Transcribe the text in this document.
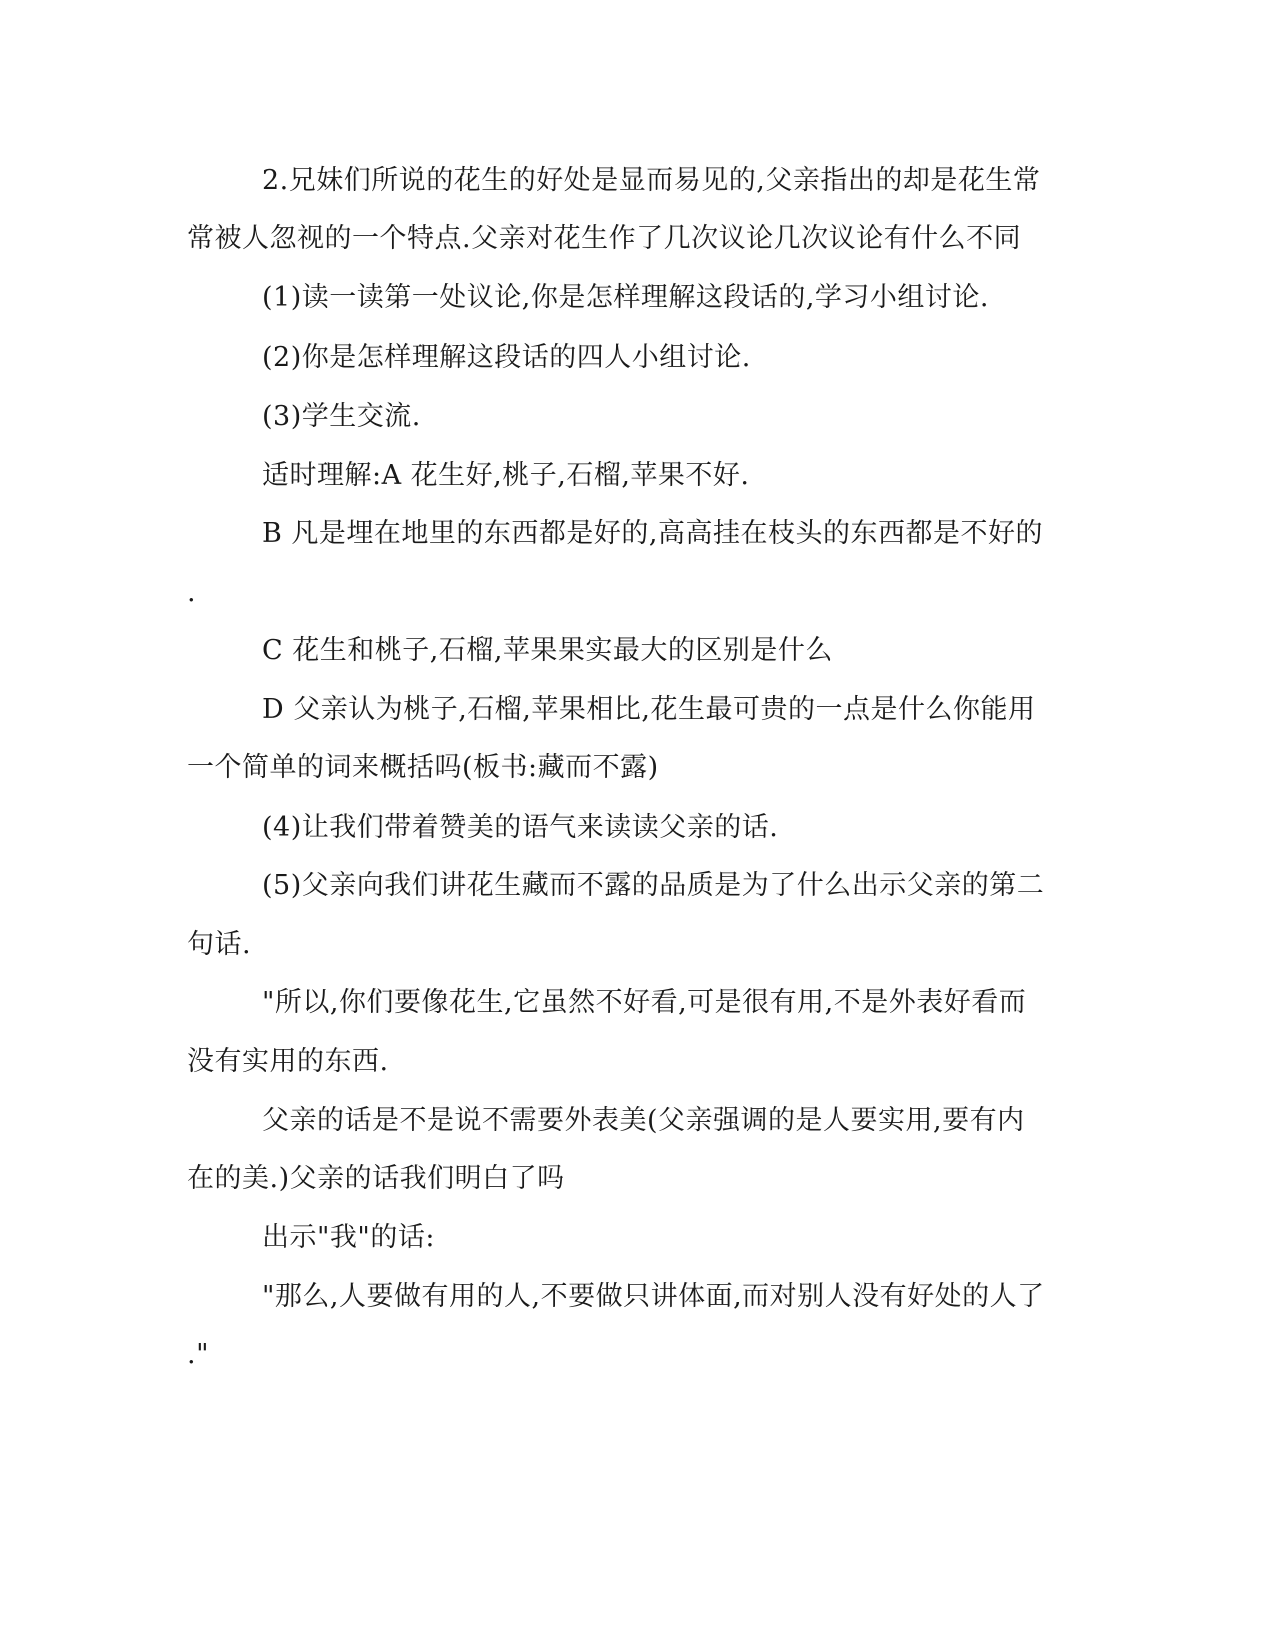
2.兄妹们所说的花生的好处是显而易见的,父亲指出的却是花生常
常被人忽视的一个特点.父亲对花生作了几次议论几次议论有什么不同
(1)读一读第一处议论,你是怎样理解这段话的,学习小组讨论.
(2)你是怎样理解这段话的四人小组讨论.
(3)学生交流.
适时理解:A 花生好,桃子,石榴,苹果不好.
B 凡是埋在地里的东西都是好的,高高挂在枝头的东西都是不好的
.
C 花生和桃子,石榴,苹果果实最大的区别是什么
D 父亲认为桃子,石榴,苹果相比,花生最可贵的一点是什么你能用
一个简单的词来概括吗(板书:藏而不露)
(4)让我们带着赞美的语气来读读父亲的话.
(5)父亲向我们讲花生藏而不露的品质是为了什么出示父亲的第二
句话.
"所以,你们要像花生,它虽然不好看,可是很有用,不是外表好看而
没有实用的东西.
父亲的话是不是说不需要外表美(父亲强调的是人要实用,要有内
在的美.)父亲的话我们明白了吗
出示"我"的话:
"那么,人要做有用的人,不要做只讲体面,而对别人没有好处的人了
."
